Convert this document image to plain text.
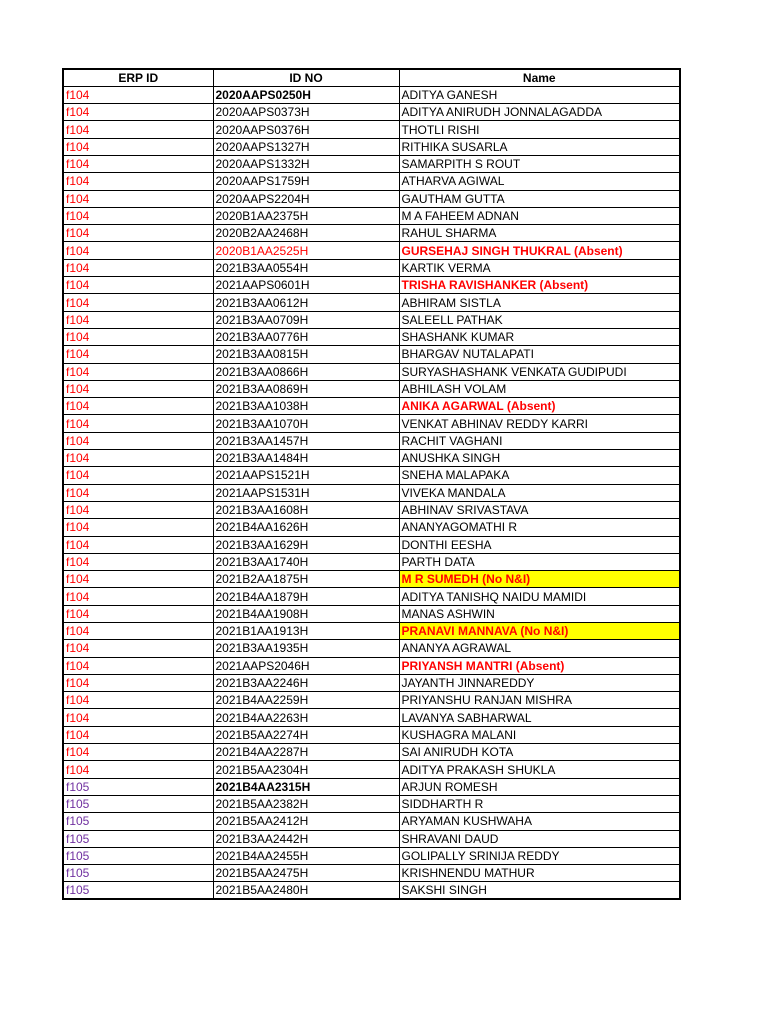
ERP ID	ID NO	Name
f104	2020AAPS0250H	ADITYA GANESH
f104	2020AAPS0373H	ADITYA ANIRUDH JONNALAGADDA
f104	2020AAPS0376H	THOTLI RISHI
f104	2020AAPS1327H	RITHIKA SUSARLA
f104	2020AAPS1332H	SAMARPITH S ROUT
f104	2020AAPS1759H	ATHARVA AGIWAL
f104	2020AAPS2204H	GAUTHAM GUTTA
f104	2020B1AA2375H	M A FAHEEM ADNAN
f104	2020B2AA2468H	RAHUL SHARMA
f104	2020B1AA2525H	GURSEHAJ SINGH THUKRAL (Absent)
f104	2021B3AA0554H	KARTIK VERMA
f104	2021AAPS0601H	TRISHA RAVISHANKER (Absent)
f104	2021B3AA0612H	ABHIRAM SISTLA
f104	2021B3AA0709H	SALEELL PATHAK
f104	2021B3AA0776H	SHASHANK KUMAR
f104	2021B3AA0815H	BHARGAV NUTALAPATI
f104	2021B3AA0866H	SURYASHASHANK VENKATA GUDIPUDI
f104	2021B3AA0869H	ABHILASH VOLAM
f104	2021B3AA1038H	ANIKA AGARWAL (Absent)
f104	2021B3AA1070H	VENKAT ABHINAV REDDY KARRI
f104	2021B3AA1457H	RACHIT VAGHANI
f104	2021B3AA1484H	ANUSHKA SINGH
f104	2021AAPS1521H	SNEHA MALAPAKA
f104	2021AAPS1531H	VIVEKA MANDALA
f104	2021B3AA1608H	ABHINAV SRIVASTAVA
f104	2021B4AA1626H	ANANYAGOMATHI R
f104	2021B3AA1629H	DONTHI EESHA
f104	2021B3AA1740H	PARTH DATA
f104	2021B2AA1875H	M R SUMEDH (No N&I)
f104	2021B4AA1879H	ADITYA TANISHQ NAIDU MAMIDI
f104	2021B4AA1908H	MANAS ASHWIN
f104	2021B1AA1913H	PRANAVI MANNAVA (No N&I)
f104	2021B3AA1935H	ANANYA AGRAWAL
f104	2021AAPS2046H	PRIYANSH MANTRI (Absent)
f104	2021B3AA2246H	JAYANTH JINNAREDDY
f104	2021B4AA2259H	PRIYANSHU RANJAN MISHRA
f104	2021B4AA2263H	LAVANYA SABHARWAL
f104	2021B5AA2274H	KUSHAGRA MALANI
f104	2021B4AA2287H	SAI ANIRUDH KOTA
f104	2021B5AA2304H	ADITYA PRAKASH SHUKLA
f105	2021B4AA2315H	ARJUN ROMESH
f105	2021B5AA2382H	SIDDHARTH R
f105	2021B5AA2412H	ARYAMAN KUSHWAHA
f105	2021B3AA2442H	SHRAVANI DAUD
f105	2021B4AA2455H	GOLIPALLY SRINIJA REDDY
f105	2021B5AA2475H	KRISHNENDU MATHUR
f105	2021B5AA2480H	SAKSHI SINGH
